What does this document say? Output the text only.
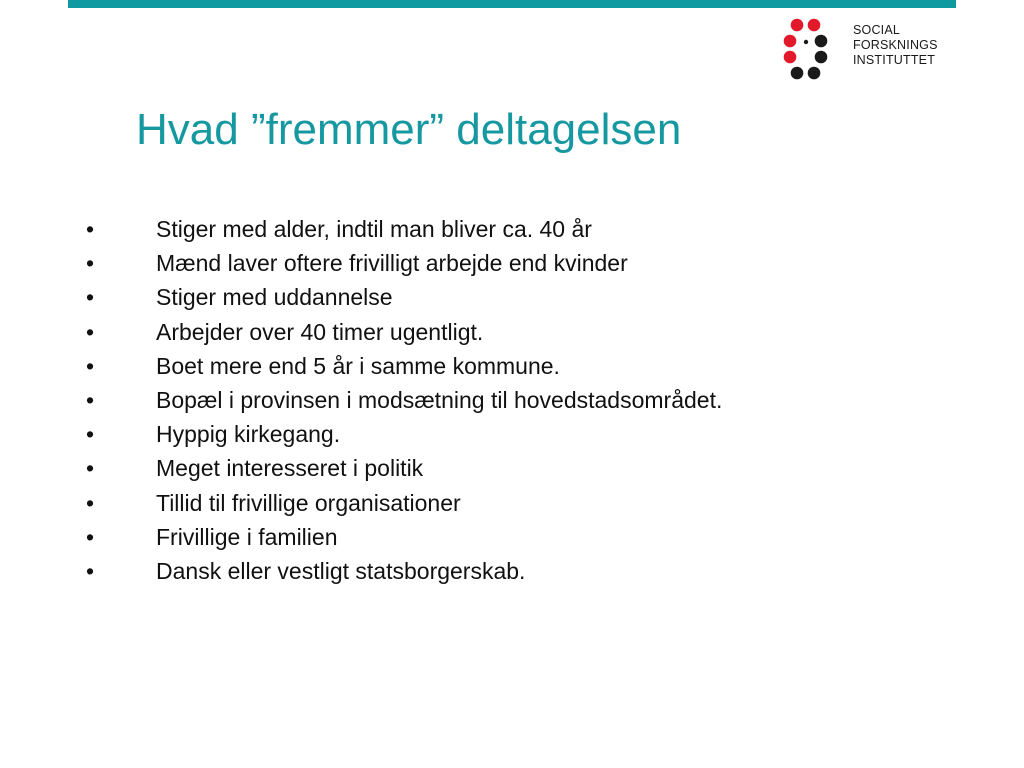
SOCIAL
FORSKNINGS
INSTITUTTET
Hvad ”fremmer” deltagelsen
•	Stiger med alder, indtil man bliver ca. 40 år
•	Mænd laver oftere frivilligt arbejde end kvinder
•	Stiger med uddannelse
•	Arbejder over 40 timer ugentligt.
•	Boet mere end 5 år i samme kommune.
•	Bopæl i provinsen i modsætning til hovedstadsområdet.
•	Hyppig kirkegang.
•	Meget interesseret i politik
•	Tillid til frivillige organisationer
•	Frivillige i familien
•	Dansk eller vestligt statsborgerskab.
